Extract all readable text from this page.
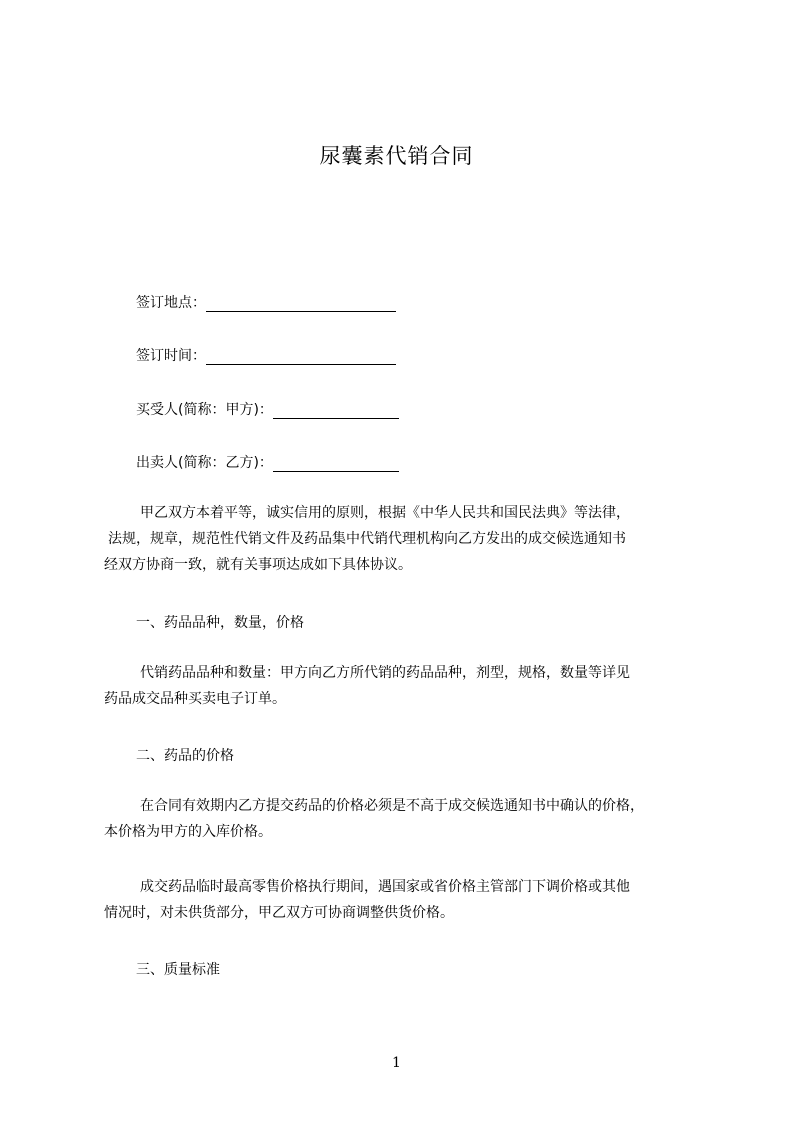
尿囊素代销合同
签订地点：
签订时间：
买受人(简称：甲方)：
出卖人(简称：乙方)：
甲乙双方本着平等，诚实信用的原则，根据《中华人民共和国民法典》等法律，
法规，规章，规范性代销文件及药品集中代销代理机构向乙方发出的成交候选通知书
经双方协商一致，就有关事项达成如下具体协议。
一、药品品种，数量，价格
代销药品品种和数量：甲方向乙方所代销的药品品种，剂型，规格，数量等详见
药品成交品种买卖电子订单。
二、药品的价格
在合同有效期内乙方提交药品的价格必须是不高于成交候选通知书中确认的价格，
本价格为甲方的入库价格。
成交药品临时最高零售价格执行期间，遇国家或省价格主管部门下调价格或其他
情况时，对未供货部分，甲乙双方可协商调整供货价格。
三、质量标准
1
